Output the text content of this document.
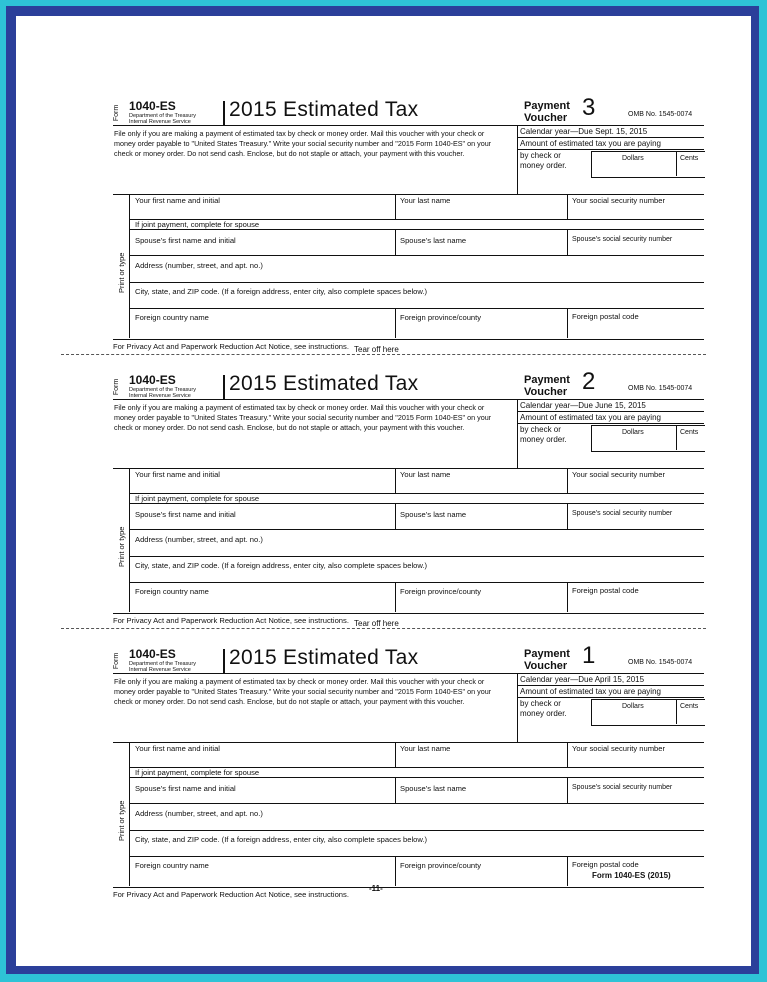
Form 1040-ES
Department of the Treasury
Internal Revenue Service
2015 Estimated Tax	Payment
Voucher 3	OMB No. 1545-0074
File only if you are making a payment of estimated tax by check or money order. Mail this voucher with your check or money order payable to "United States Treasury." Write your social security number and "2015 Form 1040-ES" on your check or money order. Do not send cash. Enclose, but do not staple or attach, your payment with this voucher.
Calendar year—Due Sept. 15, 2015
Amount of estimated tax you are paying
by check or
money order.
Dollars	Cents
Print or type
Your first name and initial	Your last name	Your social security number
If joint payment, complete for spouse
Spouse’s first name and initial	Spouse’s last name	Spouse’s social security number
Address (number, street, and apt. no.)
City, state, and ZIP code. (If a foreign address, enter city, also complete spaces below.)
Foreign country name	Foreign province/county	Foreign postal code
For Privacy Act and Paperwork Reduction Act Notice, see instructions.
Form 1040-ES
Department of the Treasury
Internal Revenue Service
2015 Estimated Tax	Payment
Voucher 2	OMB No. 1545-0074
File only if you are making a payment of estimated tax by check or money order. Mail this voucher with your check or money order payable to "United States Treasury." Write your social security number and "2015 Form 1040-ES" on your check or money order. Do not send cash. Enclose, but do not staple or attach, your payment with this voucher.
Calendar year—Due June 15, 2015
Amount of estimated tax you are paying
by check or
money order.
Dollars	Cents
Print or type
Your first name and initial	Your last name	Your social security number
If joint payment, complete for spouse
Spouse’s first name and initial	Spouse’s last name	Spouse’s social security number
Address (number, street, and apt. no.)
City, state, and ZIP code. (If a foreign address, enter city, also complete spaces below.)
Foreign country name	Foreign province/county	Foreign postal code
For Privacy Act and Paperwork Reduction Act Notice, see instructions.
Form 1040-ES
Department of the Treasury
Internal Revenue Service
2015 Estimated Tax	Payment
Voucher 1	OMB No. 1545-0074
File only if you are making a payment of estimated tax by check or money order. Mail this voucher with your check or money order payable to "United States Treasury." Write your social security number and "2015 Form 1040-ES" on your check or money order. Do not send cash. Enclose, but do not staple or attach, your payment with this voucher.
Calendar year—Due April 15, 2015
Amount of estimated tax you are paying
by check or
money order.
Dollars	Cents
Print or type
Your first name and initial	Your last name	Your social security number
If joint payment, complete for spouse
Spouse’s first name and initial	Spouse’s last name	Spouse’s social security number
Address (number, street, and apt. no.)
City, state, and ZIP code. (If a foreign address, enter city, also complete spaces below.)
Foreign country name	Foreign province/county	Foreign postal code
For Privacy Act and Paperwork Reduction Act Notice, see instructions.
Tear off here
Tear off here
Form 1040-ES (2015)
-11-
